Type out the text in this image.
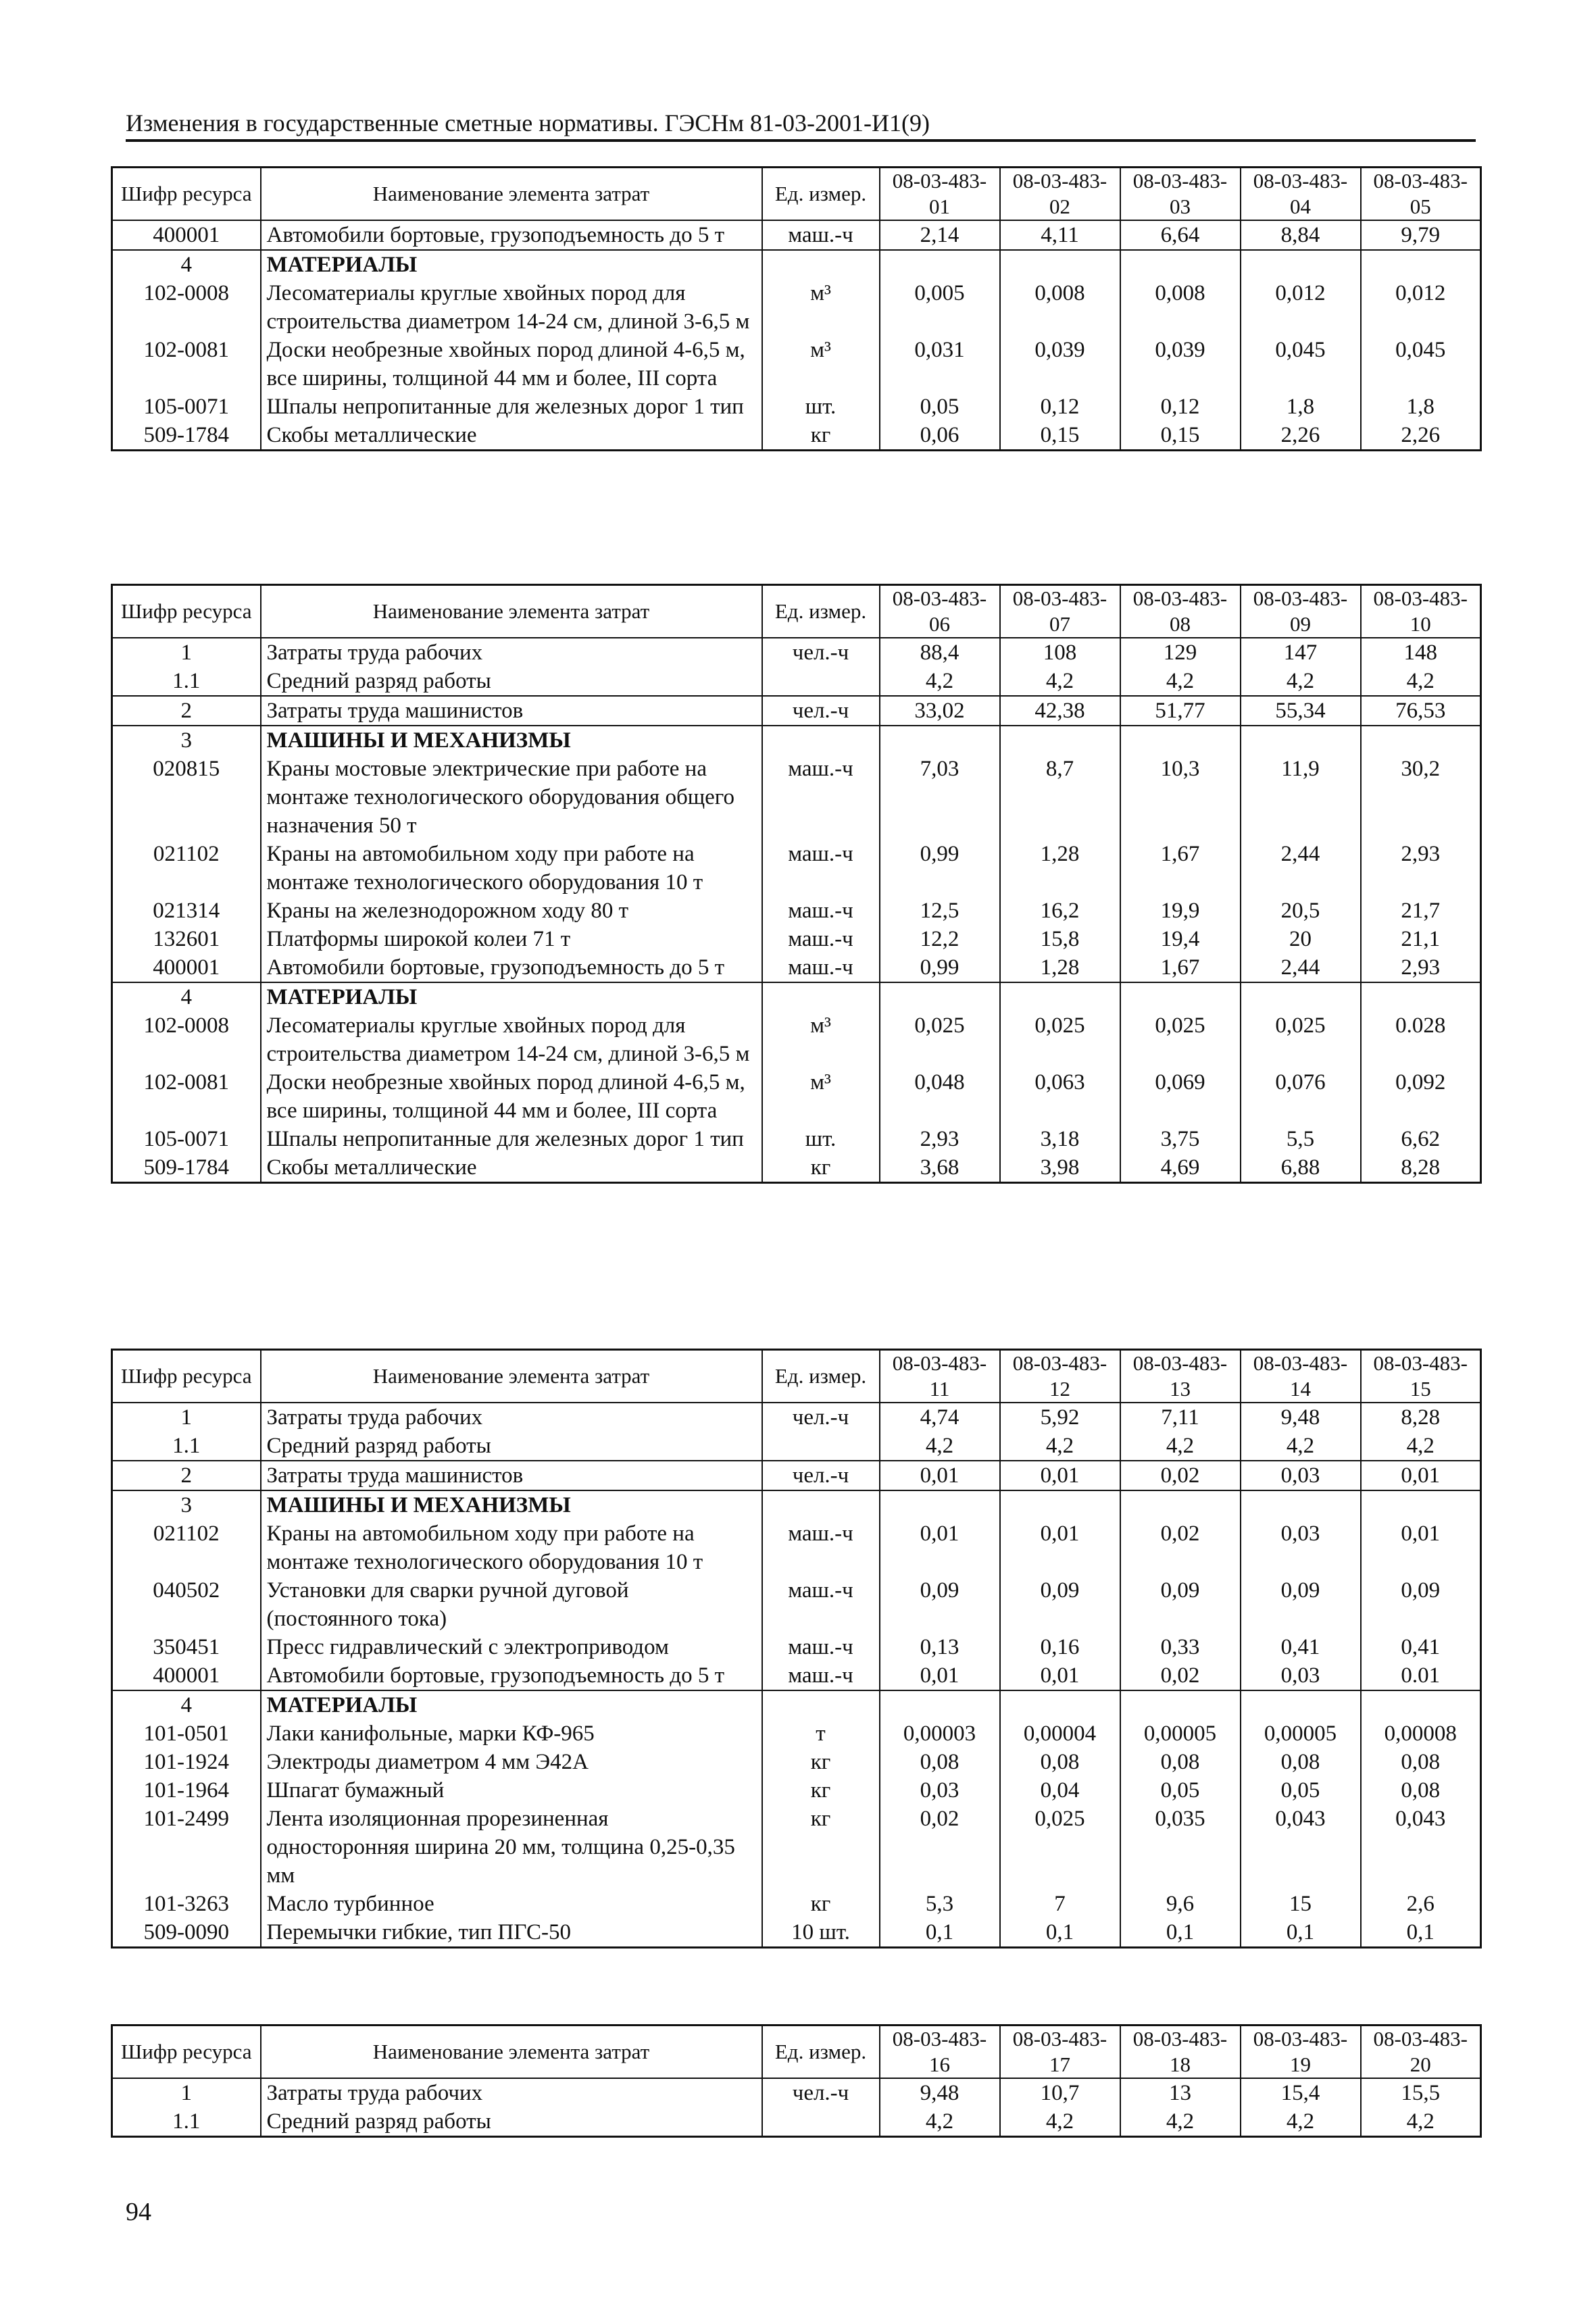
Изменения в государственные сметные нормативы. ГЭСНм 81-03-2001-И1(9)
Шифр ресурса	Наименование элемента затрат	Ед. измер.	08-03-483-01	08-03-483-02	08-03-483-03	08-03-483-04	08-03-483-05
400001	Автомобили бортовые, грузоподъемность до 5 т	маш.-ч	2,14	4,11	6,64	8,84	9,79
4	МАТЕРИАЛЫ						
102-0008	Лесоматериалы круглые хвойных пород для строительства диаметром 14-24 см, длиной 3-6,5 м	м³	0,005	0,008	0,008	0,012	0,012
102-0081	Доски необрезные хвойных пород длиной 4-6,5 м, все ширины, толщиной 44 мм и более, III сорта	м³	0,031	0,039	0,039	0,045	0,045
105-0071	Шпалы непропитанные для железных дорог 1 тип	шт.	0,05	0,12	0,12	1,8	1,8
509-1784	Скобы металлические	кг	0,06	0,15	0,15	2,26	2,26
Шифр ресурса	Наименование элемента затрат	Ед. измер.	08-03-483-06	08-03-483-07	08-03-483-08	08-03-483-09	08-03-483-10
1	Затраты труда рабочих	чел.-ч	88,4	108	129	147	148
1.1	Средний разряд работы		4,2	4,2	4,2	4,2	4,2
2	Затраты труда машинистов	чел.-ч	33,02	42,38	51,77	55,34	76,53
3	МАШИНЫ И МЕХАНИЗМЫ						
020815	Краны мостовые электрические при работе на монтаже технологического оборудования общего назначения 50 т	маш.-ч	7,03	8,7	10,3	11,9	30,2
021102	Краны на автомобильном ходу при работе на монтаже технологического оборудования 10 т	маш.-ч	0,99	1,28	1,67	2,44	2,93
021314	Краны на железнодорожном ходу 80 т	маш.-ч	12,5	16,2	19,9	20,5	21,7
132601	Платформы широкой колеи 71 т	маш.-ч	12,2	15,8	19,4	20	21,1
400001	Автомобили бортовые, грузоподъемность до 5 т	маш.-ч	0,99	1,28	1,67	2,44	2,93
4	МАТЕРИАЛЫ						
102-0008	Лесоматериалы круглые хвойных пород для строительства диаметром 14-24 см, длиной 3-6,5 м	м³	0,025	0,025	0,025	0,025	0.028
102-0081	Доски необрезные хвойных пород длиной 4-6,5 м, все ширины, толщиной 44 мм и более, III сорта	м³	0,048	0,063	0,069	0,076	0,092
105-0071	Шпалы непропитанные для железных дорог 1 тип	шт.	2,93	3,18	3,75	5,5	6,62
509-1784	Скобы металлические	кг	3,68	3,98	4,69	6,88	8,28
Шифр ресурса	Наименование элемента затрат	Ед. измер.	08-03-483-11	08-03-483-12	08-03-483-13	08-03-483-14	08-03-483-15
1	Затраты труда рабочих	чел.-ч	4,74	5,92	7,11	9,48	8,28
1.1	Средний разряд работы		4,2	4,2	4,2	4,2	4,2
2	Затраты труда машинистов	чел.-ч	0,01	0,01	0,02	0,03	0,01
3	МАШИНЫ И МЕХАНИЗМЫ						
021102	Краны на автомобильном ходу при работе на монтаже технологического оборудования 10 т	маш.-ч	0,01	0,01	0,02	0,03	0,01
040502	Установки для сварки ручной дуговой (постоянного тока)	маш.-ч	0,09	0,09	0,09	0,09	0,09
350451	Пресс гидравлический с электроприводом	маш.-ч	0,13	0,16	0,33	0,41	0,41
400001	Автомобили бортовые, грузоподъемность до 5 т	маш.-ч	0,01	0,01	0,02	0,03	0.01
4	МАТЕРИАЛЫ						
101-0501	Лаки канифольные, марки КФ-965	т	0,00003	0,00004	0,00005	0,00005	0,00008
101-1924	Электроды диаметром 4 мм Э42А	кг	0,08	0,08	0,08	0,08	0,08
101-1964	Шпагат бумажный	кг	0,03	0,04	0,05	0,05	0,08
101-2499	Лента изоляционная прорезиненная односторонняя ширина 20 мм, толщина 0,25-0,35 мм	кг	0,02	0,025	0,035	0,043	0,043
101-3263	Масло турбинное	кг	5,3	7	9,6	15	2,6
509-0090	Перемычки гибкие, тип ПГС-50	10 шт.	0,1	0,1	0,1	0,1	0,1
Шифр ресурса	Наименование элемента затрат	Ед. измер.	08-03-483-16	08-03-483-17	08-03-483-18	08-03-483-19	08-03-483-20
1	Затраты труда рабочих	чел.-ч	9,48	10,7	13	15,4	15,5
1.1	Средний разряд работы		4,2	4,2	4,2	4,2	4,2
94
